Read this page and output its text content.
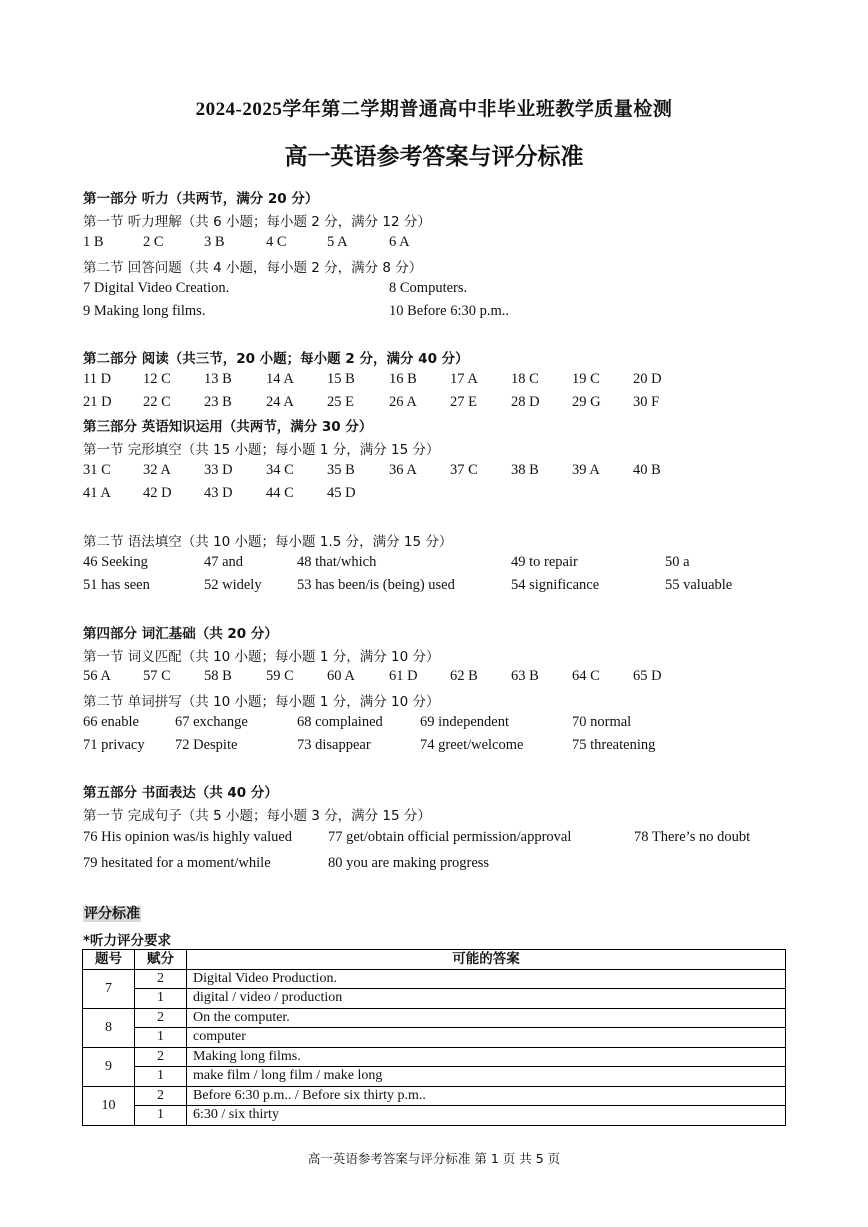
2024-2025学年第二学期普通高中非毕业班教学质量检测
高一英语参考答案与评分标准
第一部分 听力（共两节，满分 20 分）
第一节 听力理解（共 6 小题；每小题 2 分，满分 12 分）
1 B	2 C	3 B	4 C	5 A	6 A
第二节 回答问题（共 4 小题，每小题 2 分，满分 8 分）
7 Digital Video Creation.	8 Computers.
9 Making long films.	10 Before 6:30 p.m..
第二部分 阅读（共三节，20 小题；每小题 2 分，满分 40 分）
11 D 12 C 13 B 14 A 15 B 16 B 17 A 18 C 19 C 20 D
21 D 22 C 23 B 24 A 25 E 26 A 27 E 28 D 29 G 30 F
第三部分 英语知识运用（共两节，满分 30 分）
第一节 完形填空（共 15 小题；每小题 1 分，满分 15 分）
31 C 32 A 33 D 34 C 35 B 36 A 37 C 38 B 39 A 40 B
41 A 42 D 43 D 44 C 45 D
第二节 语法填空（共 10 小题；每小题 1.5 分，满分 15 分）
46 Seeking	47 and	48 that/which	49 to repair	50 a
51 has seen	52 widely 53 has been/is (being) used	54 significance	55 valuable
第四部分 词汇基础（共 20 分）
第一节 词义匹配（共 10 小题；每小题 1 分，满分 10 分）
56 A 57 C 58 B 59 C 60 A 61 D 62 B 63 B 64 C 65 D
第二节 单词拼写（共 10 小题；每小题 1 分，满分 10 分）
66 enable 67 exchange	68 complained	69 independent	70 normal
71 privacy 72 Despite	73 disappear	74 greet/welcome	75 threatening
第五部分 书面表达（共 40 分）
第一节 完成句子（共 5 小题；每小题 3 分，满分 15 分）
76 His opinion was/is highly valued 77 get/obtain official permission/approval	78 There’s no doubt
79 hesitated for a moment/while	80 you are making progress
评分标准
*听力评分要求
题号	赋分	可能的答案
7	2	Digital Video Production.
	1	digital / video / production
8	2	On the computer.
	1	computer
9	2	Making long films.
	1	make film / long film / make long
10	2	Before 6:30 p.m.. / Before six thirty p.m..
	1	6:30 / six thirty
高一英语参考答案与评分标准 第 1 页 共 5 页
